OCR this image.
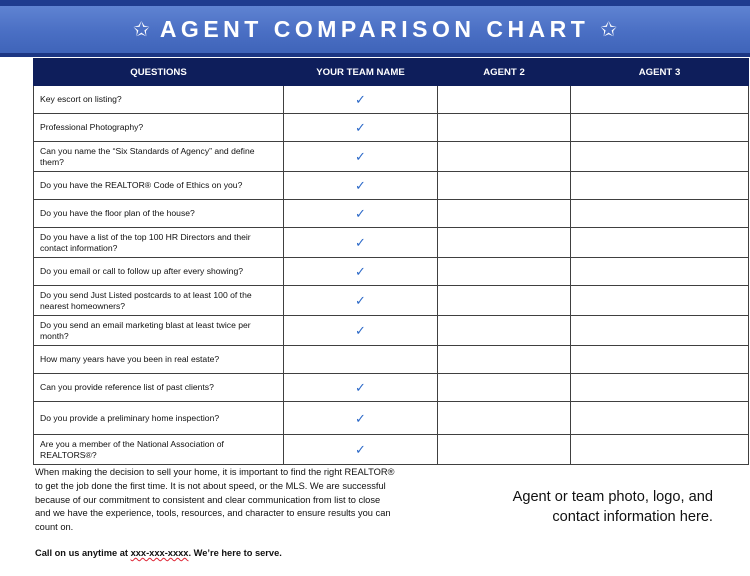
✩ AGENT COMPARISON CHART ✩
QUESTIONS	YOUR TEAM NAME	AGENT 2	AGENT 3
Key escort on listing?	✓		
Professional Photography?	✓		
Can you name the “Six Standards of Agency” and define them?	✓		
Do you have the REALTOR® Code of Ethics on you?	✓		
Do you have the floor plan of the house?	✓		
Do you have a list of the top 100 HR Directors and their contact information?	✓		
Do you email or call to follow up after every showing?	✓		
Do you send Just Listed postcards to at least 100 of the nearest homeowners?	✓		
Do you send an email marketing blast at least twice per month?	✓		
How many years have you been in real estate?			
Can you provide reference list of past clients?	✓		
Do you provide a preliminary home inspection?	✓		
Are you a member of the National Association of REALTORS®?	✓		
When making the decision to sell your home, it is important to find the right REALTOR® to get the job done the first time. It is not about speed, or the MLS. We are successful because of our commitment to consistent and clear communication from list to close and we have the experience, tools, resources, and character to ensure results you can count on.
Call on us anytime at xxx-xxx-xxxx. We’re here to serve.
Agent or team photo, logo, and contact information here.
